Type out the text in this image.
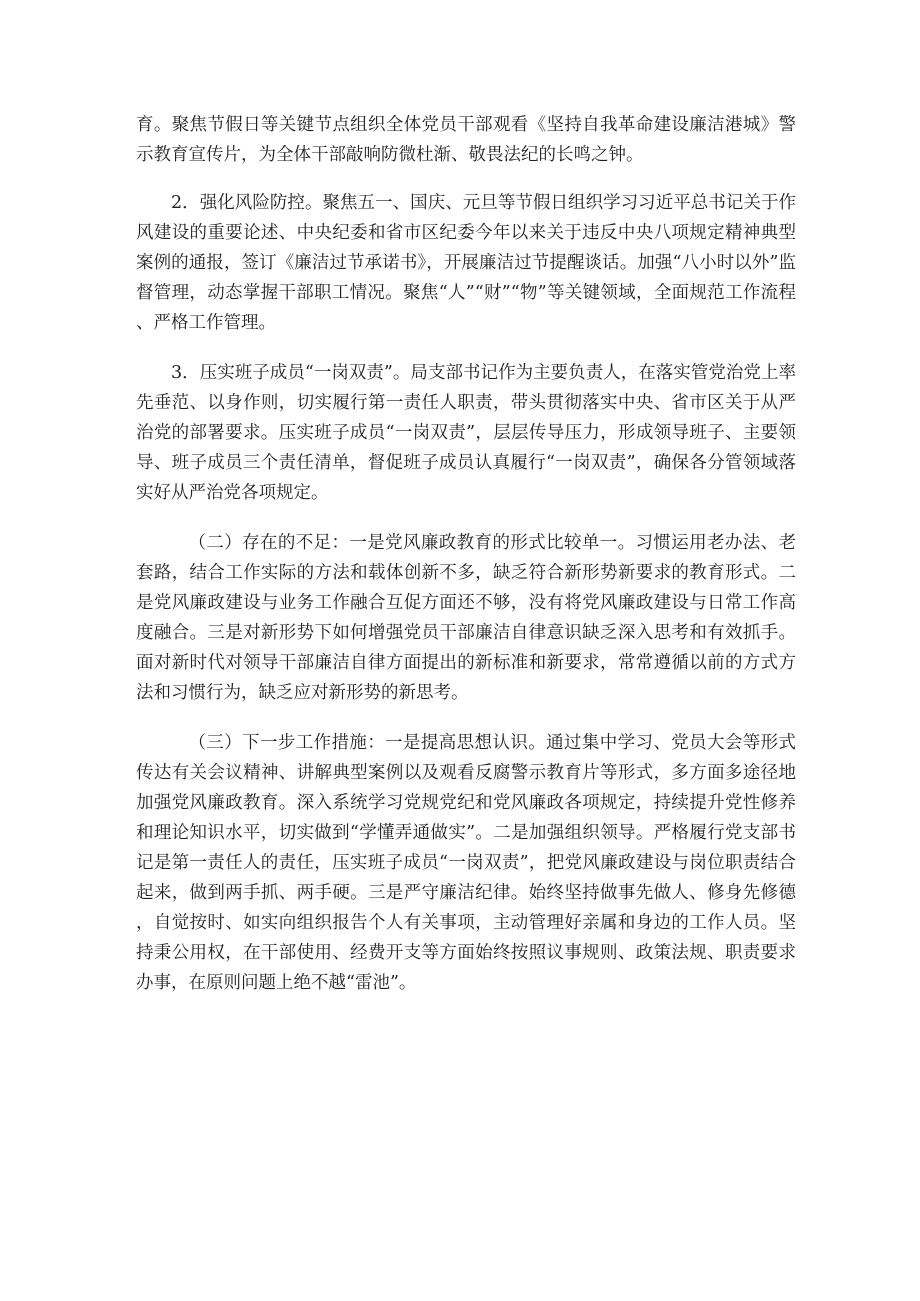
育。聚焦节假日等关键节点组织全体党员干部观看《坚持自我革命建设廉洁港城》警示教育宣传片，为全体干部敲响防微杜渐、敬畏法纪的长鸣之钟。

2．强化风险防控。聚焦五一、国庆、元旦等节假日组织学习习近平总书记关于作风建设的重要论述、中央纪委和省市区纪委今年以来关于违反中央八项规定精神典型案例的通报，签订《廉洁过节承诺书》，开展廉洁过节提醒谈话。加强“八小时以外”监督管理，动态掌握干部职工情况。聚焦“人”“财”“物”等关键领域，全面规范工作流程、严格工作管理。

3．压实班子成员“一岗双责”。局支部书记作为主要负责人，在落实管党治党上率先垂范、以身作则，切实履行第一责任人职责，带头贯彻落实中央、省市区关于从严治党的部署要求。压实班子成员“一岗双责”，层层传导压力，形成领导班子、主要领导、班子成员三个责任清单，督促班子成员认真履行“一岗双责”，确保各分管领域落实好从严治党各项规定。

（二）存在的不足：一是党风廉政教育的形式比较单一。习惯运用老办法、老套路，结合工作实际的方法和载体创新不多，缺乏符合新形势新要求的教育形式。二是党风廉政建设与业务工作融合互促方面还不够，没有将党风廉政建设与日常工作高度融合。三是对新形势下如何增强党员干部廉洁自律意识缺乏深入思考和有效抓手。面对新时代对领导干部廉洁自律方面提出的新标准和新要求，常常遵循以前的方式方法和习惯行为，缺乏应对新形势的新思考。

（三）下一步工作措施：一是提高思想认识。通过集中学习、党员大会等形式传达有关会议精神、讲解典型案例以及观看反腐警示教育片等形式，多方面多途径地加强党风廉政教育。深入系统学习党规党纪和党风廉政各项规定，持续提升党性修养和理论知识水平，切实做到“学懂弄通做实”。二是加强组织领导。严格履行党支部书记是第一责任人的责任，压实班子成员“一岗双责”，把党风廉政建设与岗位职责结合起来，做到两手抓、两手硬。三是严守廉洁纪律。始终坚持做事先做人、修身先修德，自觉按时、如实向组织报告个人有关事项，主动管理好亲属和身边的工作人员。坚持秉公用权，在干部使用、经费开支等方面始终按照议事规则、政策法规、职责要求办事，在原则问题上绝不越“雷池”。
